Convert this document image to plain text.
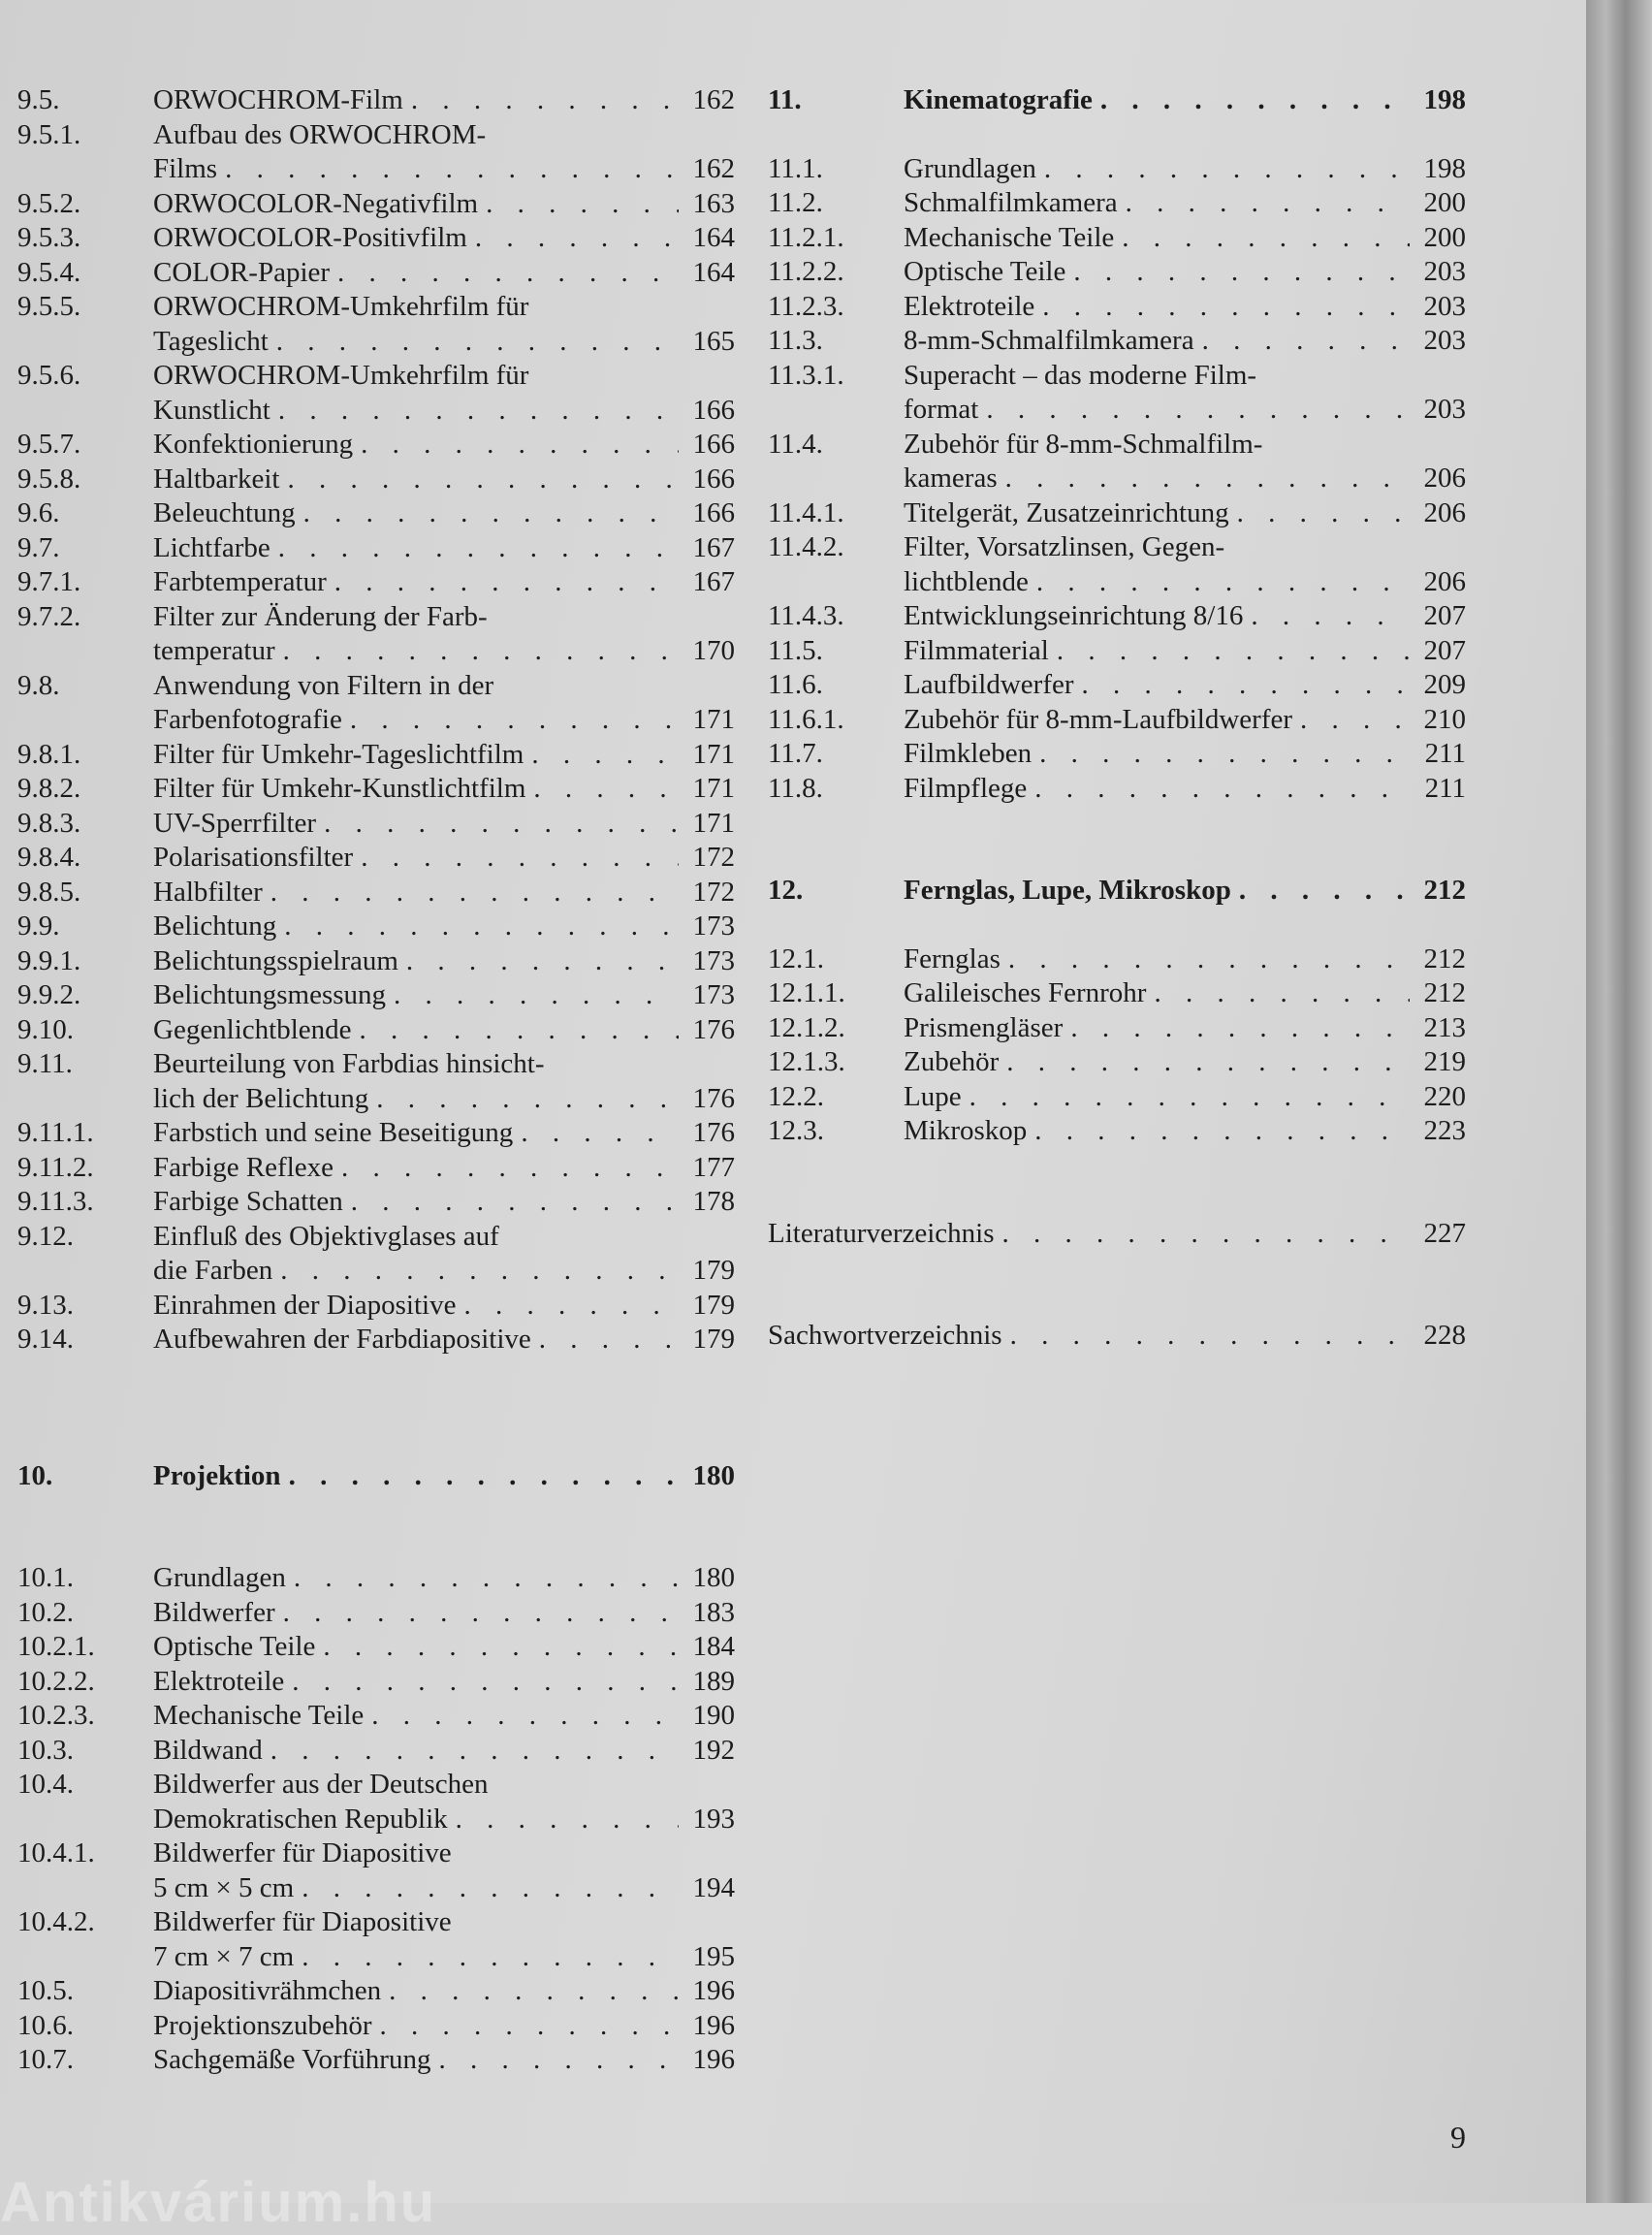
9.5.	ORWOCHROM-Film . . .	162
9.5.1.	Aufbau des ORWOCHROM-
Films . . .	162
9.5.2.	ORWOCOLOR-Negativfilm . . .	163
9.5.3.	ORWOCOLOR-Positivfilm . . .	164
9.5.4.	COLOR-Papier . . .	164
9.5.5.	ORWOCHROM-Umkehrfilm für
Tageslicht . . .	165
9.5.6.	ORWOCHROM-Umkehrfilm für
Kunstlicht . . .	166
9.5.7.	Konfektionierung . . .	166
9.5.8.	Haltbarkeit . . .	166
9.6.	Beleuchtung . . .	166
9.7.	Lichtfarbe . . .	167
9.7.1.	Farbtemperatur . . .	167
9.7.2.	Filter zur Änderung der Farb-
temperatur . . .	170
9.8.	Anwendung von Filtern in der
Farbenfotografie . . .	171
9.8.1.	Filter für Umkehr-Tageslichtfilm . . .	171
9.8.2.	Filter für Umkehr-Kunstlichtfilm . . .	171
9.8.3.	UV-Sperrfilter . . .	171
9.8.4.	Polarisationsfilter . . .	172
9.8.5.	Halbfilter . . .	172
9.9.	Belichtung . . .	173
9.9.1.	Belichtungsspielraum . . .	173
9.9.2.	Belichtungsmessung . . .	173
9.10.	Gegenlichtblende . . .	176
9.11.	Beurteilung von Farbdias hinsicht-
lich der Belichtung . . .	176
9.11.1.	Farbstich und seine Beseitigung . . .	176
9.11.2.	Farbige Reflexe . . .	177
9.11.3.	Farbige Schatten . . .	178
9.12.	Einfluß des Objektivglases auf
die Farben . . .	179
9.13.	Einrahmen der Diapositive . . .	179
9.14.	Aufbewahren der Farbdiapositive . . .	179
10.	Projektion . . .	180
10.1.	Grundlagen . . .	180
10.2.	Bildwerfer . . .	183
10.2.1.	Optische Teile . . .	184
10.2.2.	Elektroteile . . .	189
10.2.3.	Mechanische Teile . . .	190
10.3.	Bildwand . . .	192
10.4.	Bildwerfer aus der Deutschen
Demokratischen Republik . . .	193
10.4.1.	Bildwerfer für Diapositive
5 cm × 5 cm . . .	194
10.4.2.	Bildwerfer für Diapositive
7 cm × 7 cm . . .	195
10.5.	Diapositivrähmchen . . .	196
10.6.	Projektionszubehör . . .	196
10.7.	Sachgemäße Vorführung . . .	196
11.	Kinematografie . . .	198
11.1.	Grundlagen . . .	198
11.2.	Schmalfilmkamera . . .	200
11.2.1.	Mechanische Teile . . .	200
11.2.2.	Optische Teile . . .	203
11.2.3.	Elektroteile . . .	203
11.3.	8-mm-Schmalfilmkamera . . .	203
11.3.1.	Superacht – das moderne Film-
format . . .	203
11.4.	Zubehör für 8-mm-Schmalfilm-
kameras . . .	206
11.4.1.	Titelgerät, Zusatzeinrichtung . . .	206
11.4.2.	Filter, Vorsatzlinsen, Gegen-
lichtblende . . .	206
11.4.3.	Entwicklungseinrichtung 8/16 . . .	207
11.5.	Filmmaterial . . .	207
11.6.	Laufbildwerfer . . .	209
11.6.1.	Zubehör für 8-mm-Laufbildwerfer . . .	210
11.7.	Filmkleben . . .	211
11.8.	Filmpflege . . .	211
12.	Fernglas, Lupe, Mikroskop . . .	212
12.1.	Fernglas . . .	212
12.1.1.	Galileisches Fernrohr . . .	212
12.1.2.	Prismengläser . . .	213
12.1.3.	Zubehör . . .	219
12.2.	Lupe . . .	220
12.3.	Mikroskop . . .	223
Literaturverzeichnis . . .	227
Sachwortverzeichnis . . .	228
9
Antikvárium.hu
